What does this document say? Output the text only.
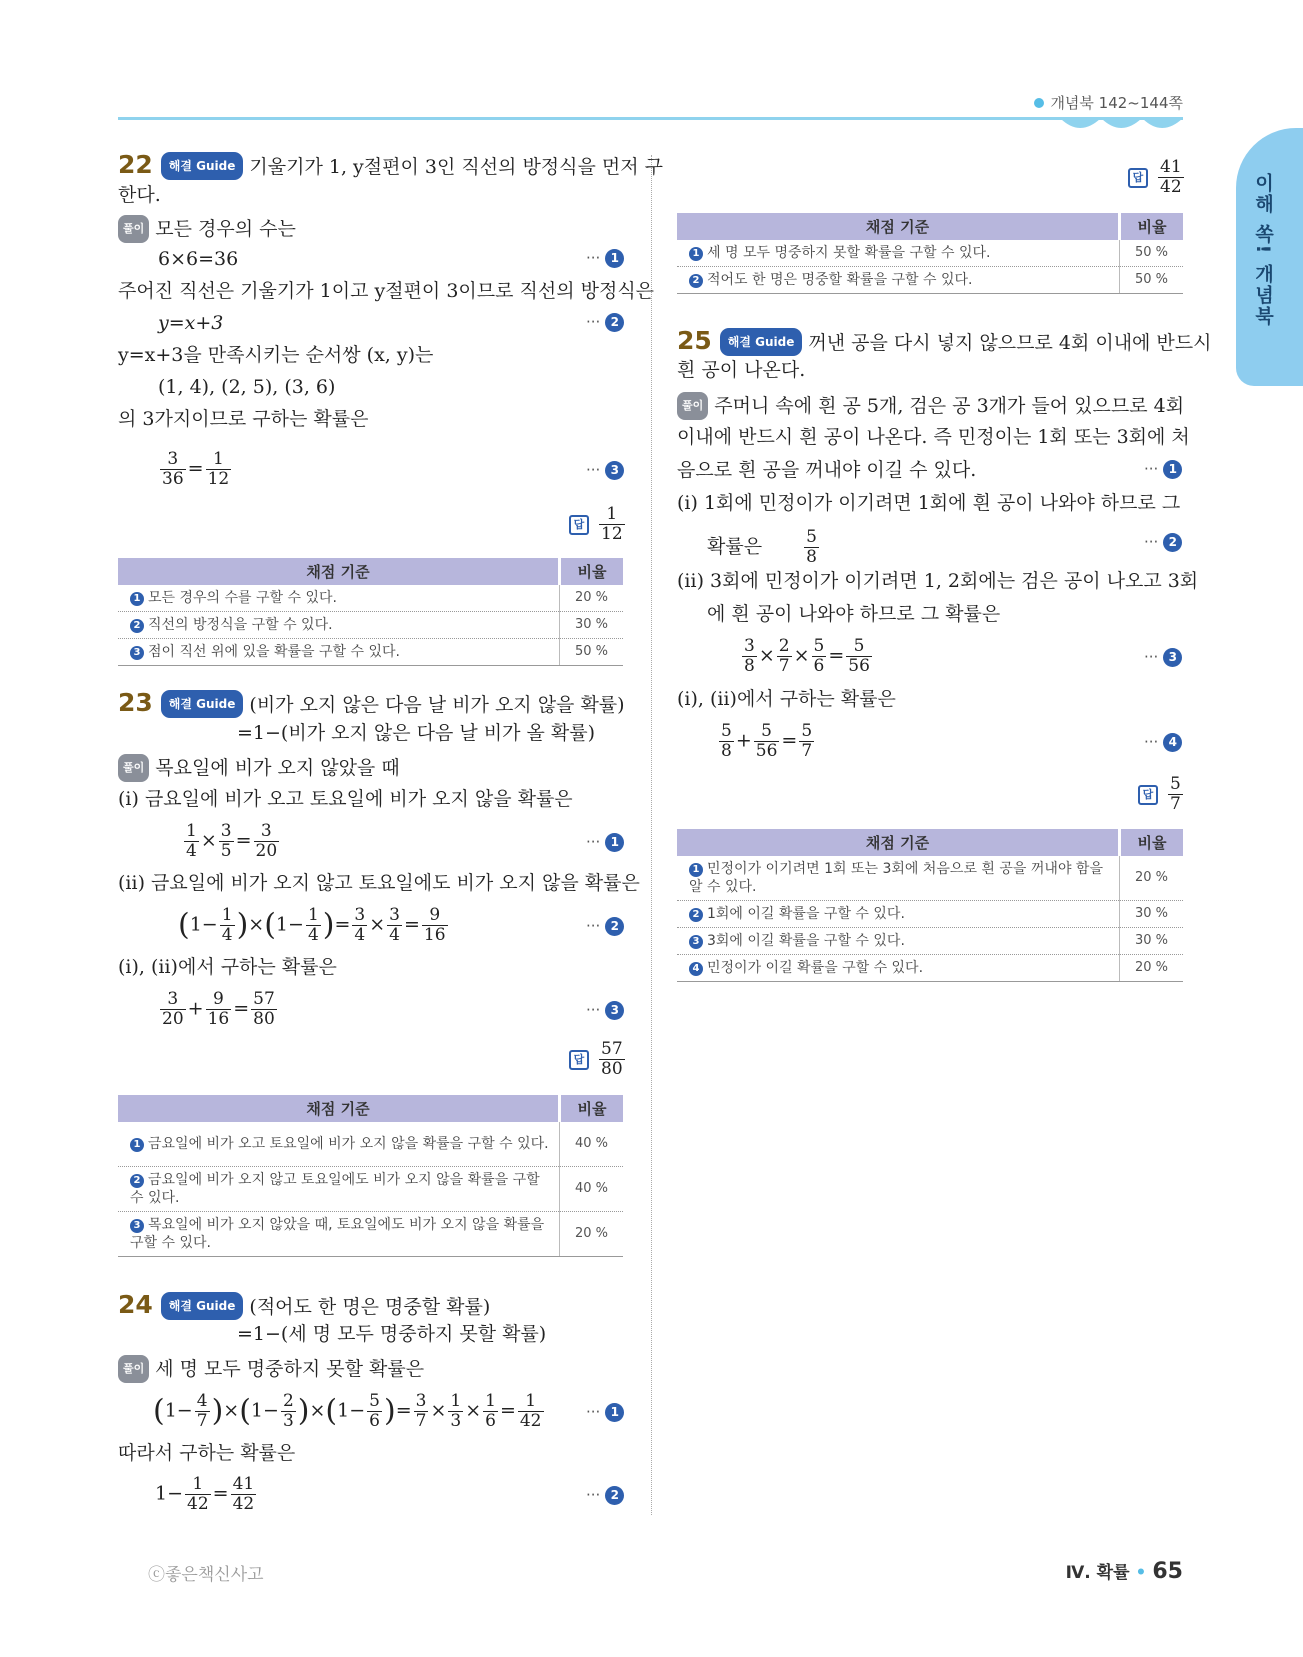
개념북 142~144쪽
이해 쏙! 개념북
22 해결 Guide 기울기가 1, y절편이 3인 직선의 방정식을 먼저 구
한다.
풀이 모든 경우의 수는
6×6=36	··· 1
주어진 직선은 기울기가 1이고 y절편이 3이므로 직선의 방정식은
y=x+3	··· 2
y=x+3을 만족시키는 순서쌍 (x, y)는
(1, 4), (2, 5), (3, 6)
의 3가지이므로 구하는 확률은
$\frac{3}{36} = \frac{1}{12}$	··· 3
답 $\frac{1}{12}$
채점 기준	비율
1 모든 경우의 수를 구할 수 있다.	20 %
2 직선의 방정식을 구할 수 있다.	30 %
3 점이 직선 위에 있을 확률을 구할 수 있다.	50 %
23 해결 Guide (비가 오지 않은 다음 날 비가 오지 않을 확률)
=1−(비가 오지 않은 다음 날 비가 올 확률)
풀이 목요일에 비가 오지 않았을 때
(ⅰ) 금요일에 비가 오고 토요일에 비가 오지 않을 확률은
$\frac{1}{4} \times \frac{3}{5} = \frac{3}{20}$	··· 1
(ⅱ) 금요일에 비가 오지 않고 토요일에도 비가 오지 않을 확률은
$(1- \frac{1}{4} )\times(1- \frac{1}{4}$ )= $\frac{3}{4} \times \frac{3}{4} = \frac{9}{16}$	··· 2
(ⅰ), (ⅱ)에서 구하는 확률은
$\frac{3}{20} + \frac{9}{16} = \frac{57}{80}$	··· 3
답 $\frac{57}{80}$
채점 기준	비율
1 금요일에 비가 오고 토요일에 비가 오지 않을 확률을 구할 수 있다.	40 %
2 금요일에 비가 오지 않고 토요일에도 비가 오지 않을 확률을 구할 수 있다.	40 %
3 목요일에 비가 오지 않았을 때, 토요일에도 비가 오지 않을 확률을 구할 수 있다.	20 %
24 해결 Guide (적어도 한 명은 명중할 확률)
=1−(세 명 모두 명중하지 못할 확률)
풀이 세 명 모두 명중하지 못할 확률은
$(1- \frac{4}{7} )\times(1- \frac{2}{3} )\times(1- \frac{5}{6}$ )= $\frac{3}{7} \times \frac{1}{3} \times \frac{1}{6} = \frac{1}{42}$	··· 1
따라서 구하는 확률은
$1- \frac{1}{42} = \frac{41}{42}$	··· 2
답 $\frac{41}{42}$
채점 기준	비율
1 세 명 모두 명중하지 못할 확률을 구할 수 있다.	50 %
2 적어도 한 명은 명중할 확률을 구할 수 있다.	50 %
25 해결 Guide 꺼낸 공을 다시 넣지 않으므로 4회 이내에 반드시
흰 공이 나온다.
풀이 주머니 속에 흰 공 5개, 검은 공 3개가 들어 있으므로 4회
이내에 반드시 흰 공이 나온다. 즉 민정이는 1회 또는 3회에 처
음으로 흰 공을 꺼내야 이길 수 있다.	··· 1
(ⅰ) 1회에 민정이가 이기려면 1회에 흰 공이 나와야 하므로 그
확률은 $\frac{5}{8}$	··· 2
(ⅱ) 3회에 민정이가 이기려면 1, 2회에는 검은 공이 나오고 3회
에 흰 공이 나와야 하므로 그 확률은
$\frac{3}{8} \times \frac{2}{7} \times \frac{5}{6} = \frac{5}{56}$	··· 3
(ⅰ), (ⅱ)에서 구하는 확률은
$\frac{5}{8} + \frac{5}{56} = \frac{5}{7}$	··· 4
답 $\frac{5}{7}$
채점 기준	비율
1 민정이가 이기려면 1회 또는 3회에 처음으로 흰 공을 꺼내야 함을 알 수 있다.	20 %
2 1회에 이길 확률을 구할 수 있다.	30 %
3 3회에 이길 확률을 구할 수 있다.	30 %
4 민정이가 이길 확률을 구할 수 있다.	20 %
ⓒ좋은책신사고	Ⅳ. 확률 • 65
